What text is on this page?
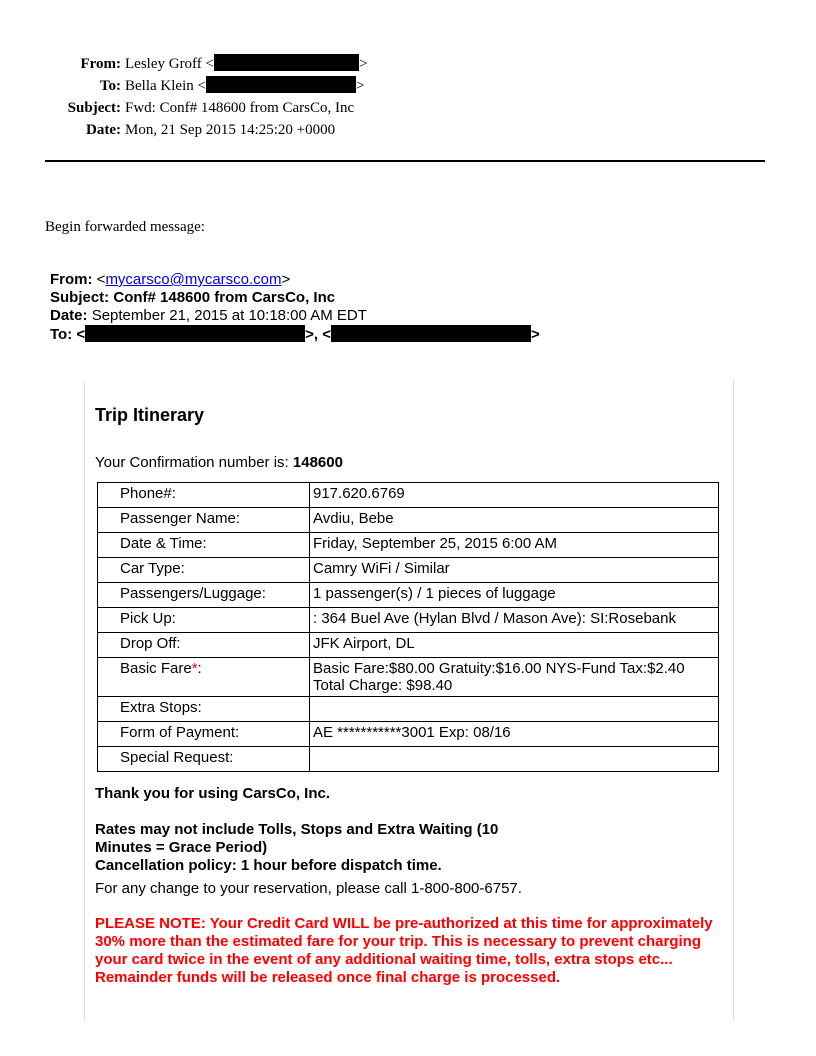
From: Lesley Groff <	>
To: Bella Klein <	>
Subject: Fwd: Conf# 148600 from CarsCo, Inc
Date: Mon, 21 Sep 2015 14:25:20 +0000
Begin forwarded message:
From: <mycarsco@mycarsco.com>
Subject: Conf# 148600 from CarsCo, Inc
Date: September 21, 2015 at 10:18:00 AM EDT
To: <	>, <	>
Trip Itinerary
Your Confirmation number is: 148600
Phone#:	917.620.6769
Passenger Name:	Avdiu, Bebe
Date & Time:	Friday, September 25, 2015 6:00 AM
Car Type:	Camry WiFi / Similar
Passengers/Luggage:	1 passenger(s) / 1 pieces of luggage
Pick Up:	: 364 Buel Ave (Hylan Blvd / Mason Ave): SI:Rosebank
Drop Off:	JFK Airport, DL
Basic Fare*:	Basic Fare:$80.00 Gratuity:$16.00 NYS-Fund Tax:$2.40
Total Charge: $98.40

Extra Stops:	
Form of Payment:	AE ***********3001 Exp: 08/16
Special Request:	
Thank you for using CarsCo, Inc.
Rates may not include Tolls, Stops and Extra Waiting (10 Minutes = Grace Period)
Cancellation policy: 1 hour before dispatch time.
For any change to your reservation, please call 1-800-800-6757.
PLEASE NOTE: Your Credit Card WILL be pre-authorized at this time for approximately 30% more than the estimated fare for your trip. This is necessary to prevent charging your card twice in the event of any additional waiting time, tolls, extra stops etc... Remainder funds will be released once final charge is processed.
